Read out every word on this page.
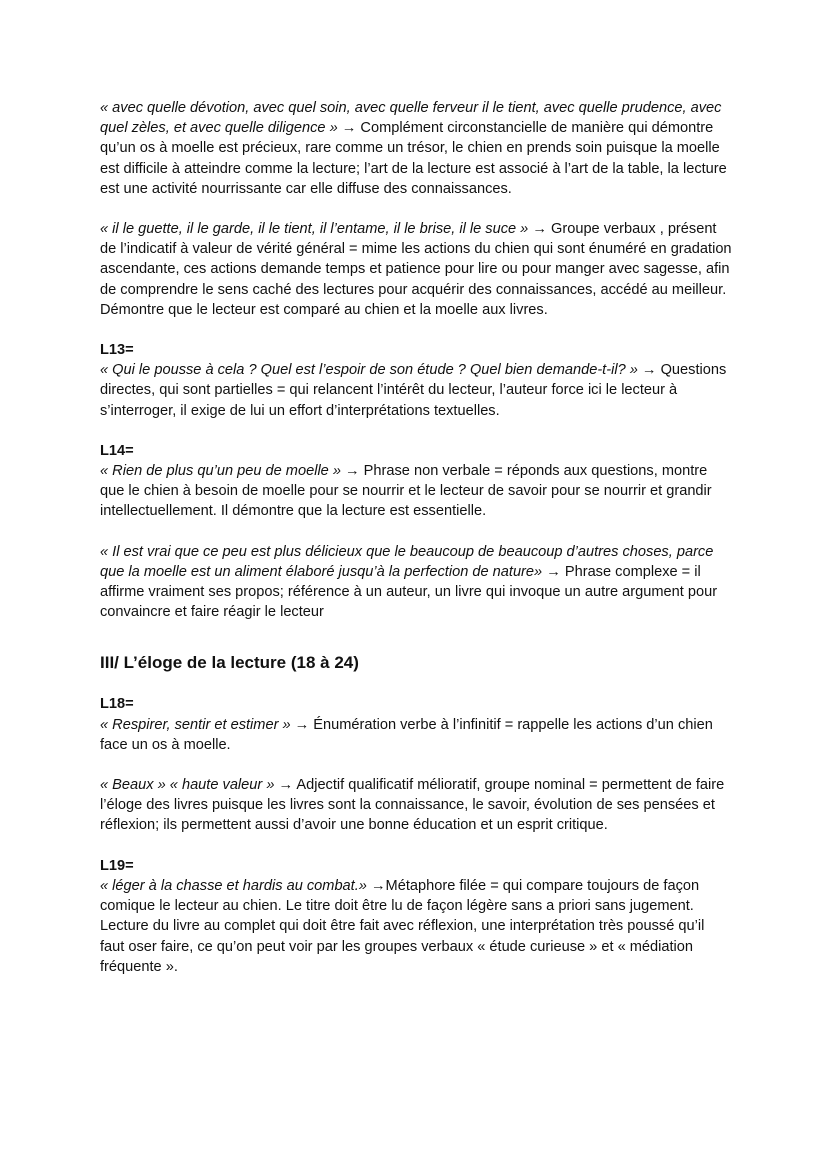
« avec quelle dévotion, avec quel soin, avec quelle ferveur il le tient, avec quelle prudence, avec quel zèles, et avec quelle diligence » → Complément circonstancielle de manière qui démontre qu’un os à moelle est précieux, rare comme un trésor, le chien en prends soin puisque la moelle est difficile à atteindre comme la lecture; l’art de la lecture est associé à l’art de la table, la lecture est une activité nourrissante car elle diffuse des connaissances.

« il le guette, il le garde, il le tient, il l’entame, il le brise, il le suce » → Groupe verbaux , présent de l’indicatif à valeur de vérité général = mime les actions du chien qui sont énuméré en gradation ascendante, ces actions demande temps et patience pour lire ou pour manger avec sagesse, afin de comprendre le sens caché des lectures pour acquérir des connaissances, accédé au meilleur. Démontre que le lecteur est comparé au chien et la moelle aux livres.

L13=
« Qui le pousse à cela ? Quel est l’espoir de son étude ? Quel bien demande-t-il? » → Questions directes, qui sont partielles = qui relancent l’intérêt du lecteur, l’auteur force ici le lecteur à s’interroger, il exige de lui un effort d’interprétations textuelles.

L14=
« Rien de plus qu’un peu de moelle » → Phrase non verbale = réponds aux questions, montre que le chien à besoin de moelle pour se nourrir et le lecteur de savoir pour se nourrir et grandir intellectuellement. Il démontre que la lecture est essentielle.

« Il est vrai que ce peu est plus délicieux que le beaucoup de beaucoup d’autres choses, parce que la moelle est un aliment élaboré jusqu’à la perfection de nature» → Phrase complexe = il affirme vraiment ses propos; référence à un auteur, un livre qui invoque un autre argument pour convaincre et faire réagir le lecteur

III/ L’éloge de la lecture (18 à 24)

L18=
« Respirer, sentir et estimer » → Énumération verbe à l’infinitif = rappelle les actions d’un chien face un os à moelle.

« Beaux » « haute valeur » → Adjectif qualificatif mélioratif, groupe nominal = permettent de faire l’éloge des livres puisque les livres sont la connaissance, le savoir, évolution de ses pensées et réflexion; ils permettent aussi d’avoir une bonne éducation et un esprit critique.

L19=
« léger à la chasse et hardis au combat.» →Métaphore filée = qui compare toujours de façon comique le lecteur au chien. Le titre doit être lu de façon légère sans a priori sans jugement. Lecture du livre au complet qui doit être fait avec réflexion, une interprétation très poussé qu’il faut oser faire, ce qu’on peut voir par les groupes verbaux « étude curieuse » et « médiation fréquente ».
